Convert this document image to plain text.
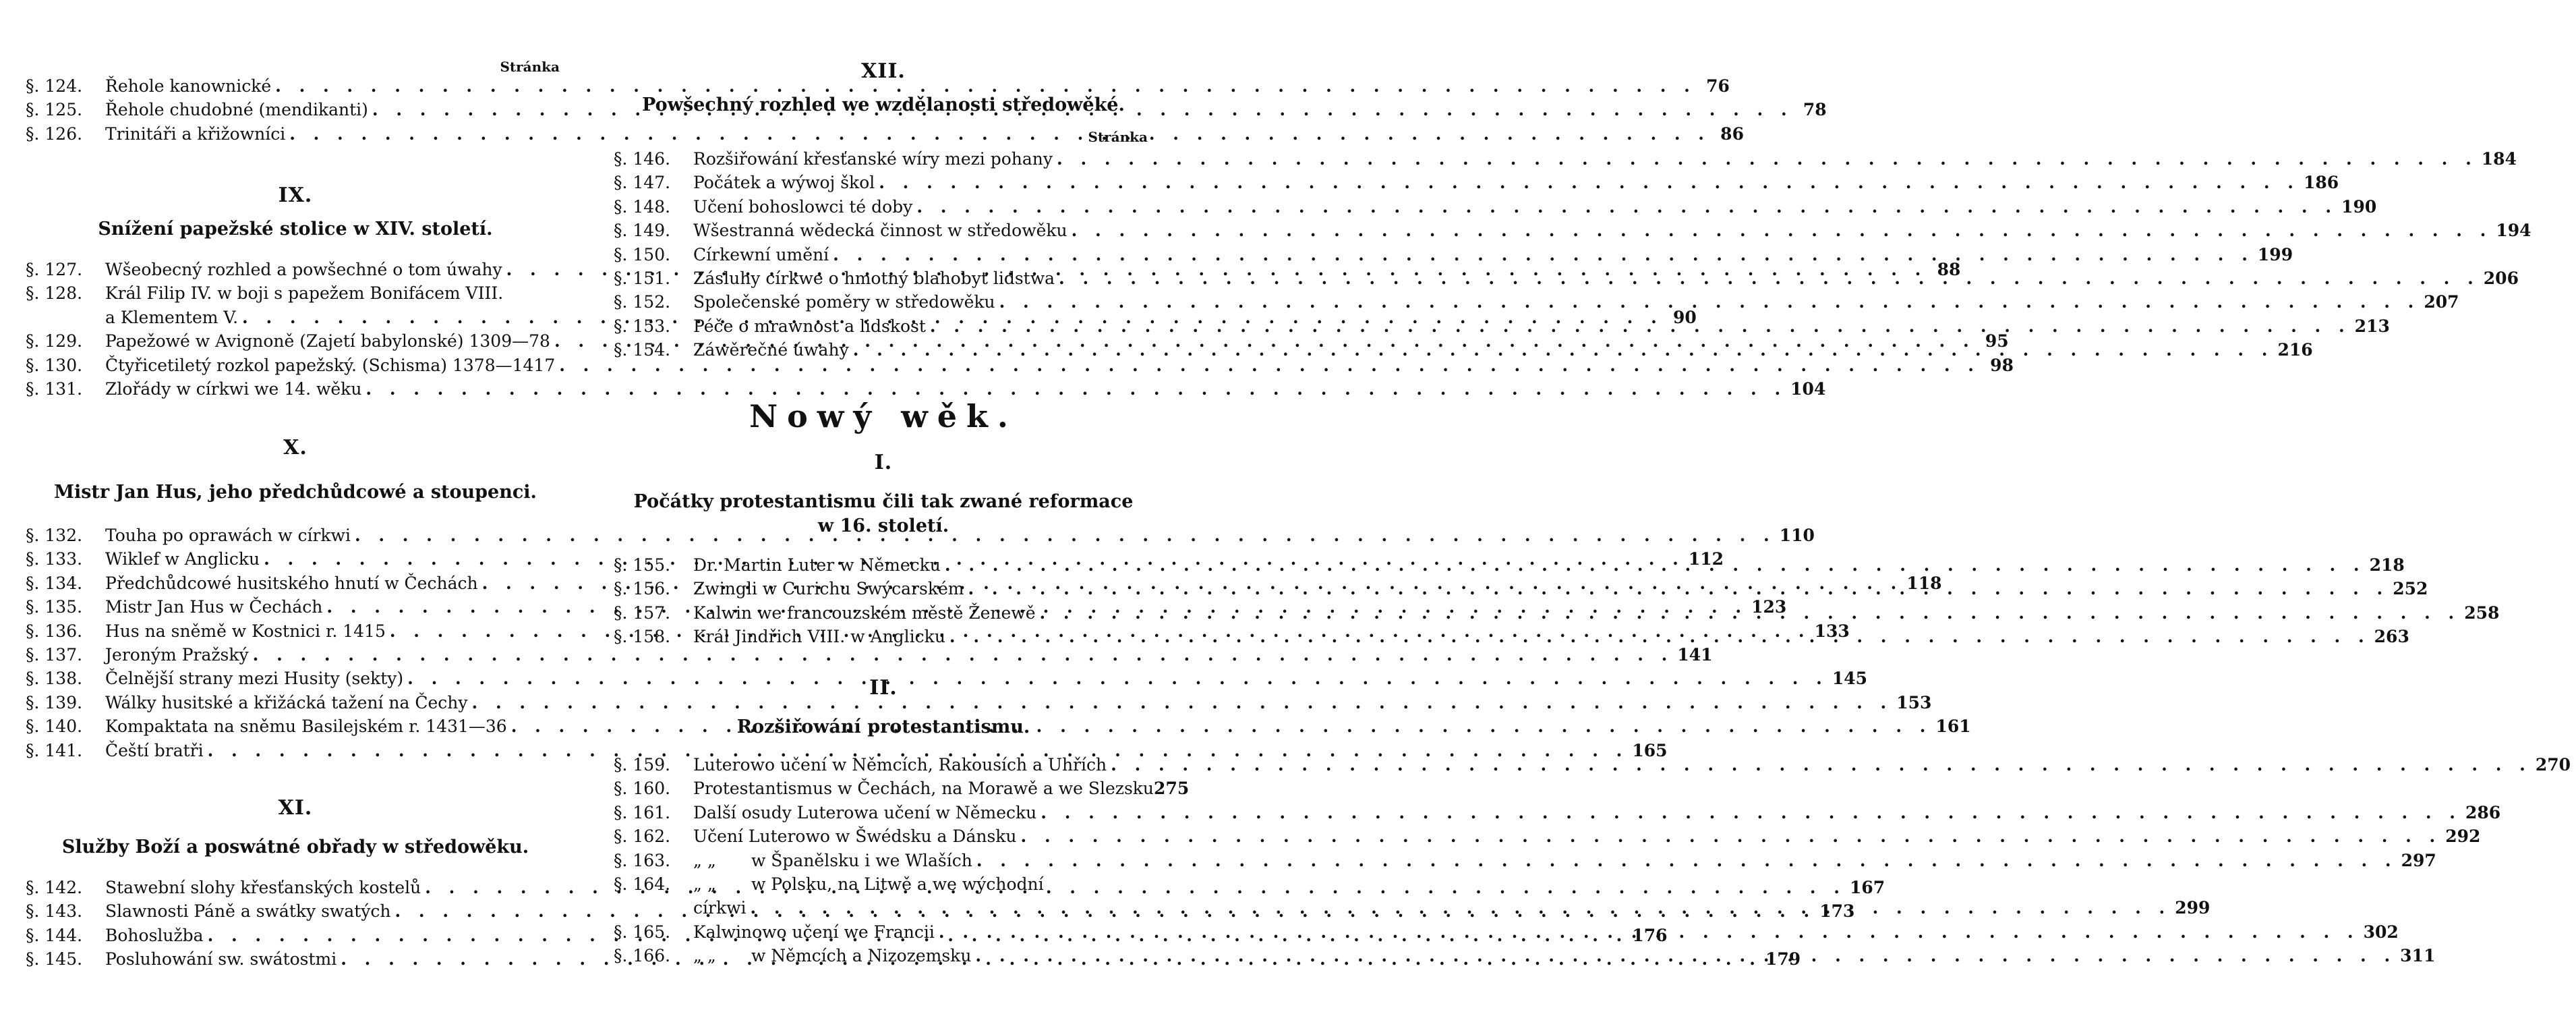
Stránka
§. 124.	Řehole kanownické . . .	76
§. 125.	Řehole chudobné (mendikanti) . . .	78
§. 126.	Trinitáři a křižowníci . . .	86
IX.
Snížení papežské stolice w XIV. století.
§. 127.	Wšeobecný rozhled a powšechné o tom úwahy . . .	88
§. 128.	Král Filip IV. w boji s papežem Bonifácem VIII.
a Klementem V. . . .	90
§. 129.	Papežowé w Avignoně (Zajetí babylonské) 1309—78 . . .	95
§. 130.	Čtyřicetiletý rozkol papežský. (Schisma) 1378—1417 . . .	98
§. 131.	Zlořády w církwi we 14. wěku . . .	104
X.
Mistr Jan Hus, jeho předchůdcowé a stoupenci.
§. 132.	Touha po oprawách w církwi . . .	110
§. 133.	Wiklef w Anglicku . . .	112
§. 134.	Předchůdcowé husitského hnutí w Čechách . . .	118
§. 135.	Mistr Jan Hus w Čechách . . .	123
§. 136.	Hus na sněmě w Kostnici r. 1415 . . .	133
§. 137.	Jeroným Pražský . . .	141
§. 138.	Čelnější strany mezi Husity (sekty) . . .	145
§. 139.	Wálky husitské a křižácká tažení na Čechy . . .	153
§. 140.	Kompaktata na sněmu Basilejském r. 1431—36 . . .	161
§. 141.	Čeští bratři . . .	165
XI.
Služby Boží a poswátné obřady w středowěku.
§. 142.	Stawební slohy křesťanských kostelů . . .	167
§. 143.	Slawnosti Páně a swátky swatých . . .	173
§. 144.	Bohoslužba . . .	176
§. 145.	Posluhowání sw. swátostmi . . .	179
XII.
Powšechný rozhled we wzdělanosti středowěké.
Stránka
§. 146.	Rozšiřowání křesťanské wíry mezi pohany . . .	184
§. 147.	Počátek a wýwoj škol . . .	186
§. 148.	Učení bohoslowci té doby . . .	190
§. 149.	Wšestranná wědecká činnost w středowěku . . .	194
§. 150.	Církewní umění . . .	199
§. 151.	Zásluhy církwe o hmotný blahobyt lidstwa . . .	206
§. 152.	Společenské poměry w středowěku . . .	207
§. 153.	Péče o mrawnost a lidskost . . .	213
§. 154.	Záwěrečné úwahy . . .	216
Nowý wěk.
I.
Počátky protestantismu čili tak zwané reformace
w 16. století.
§. 155.	Dr. Martin Luter w Německu . . .	218
§. 156.	Zwingli w Curichu Swýcarském . . .	252
§. 157.	Kalwin we francouzském městě Ženewě . . .	258
§. 158.	Král Jindřich VIII. w Anglicku . . .	263
II.
Rozšiřowání protestantismu.
§. 159.	Luterowo učení w Němcích, Rakousích a Uhřích . . .	270
§. 160.	Protestantismus w Čechách, na Morawě a we Slezsku 275
§. 161.	Další osudy Luterowa učení w Německu . . .	286
§. 162.	Učení Luterowo w Šwédsku a Dánsku . . .	292
§. 163.	„ „ w Španělsku i we Wlaších . . .	297
§. 164.	„ „ w Polsku, na Litwě a we wýchodní
církwi . . .	299
§. 165.	Kalwinowo učení we Francii . . .	302
§. 166.	„ „ w Němcích a Nizozemsku . . .	311
